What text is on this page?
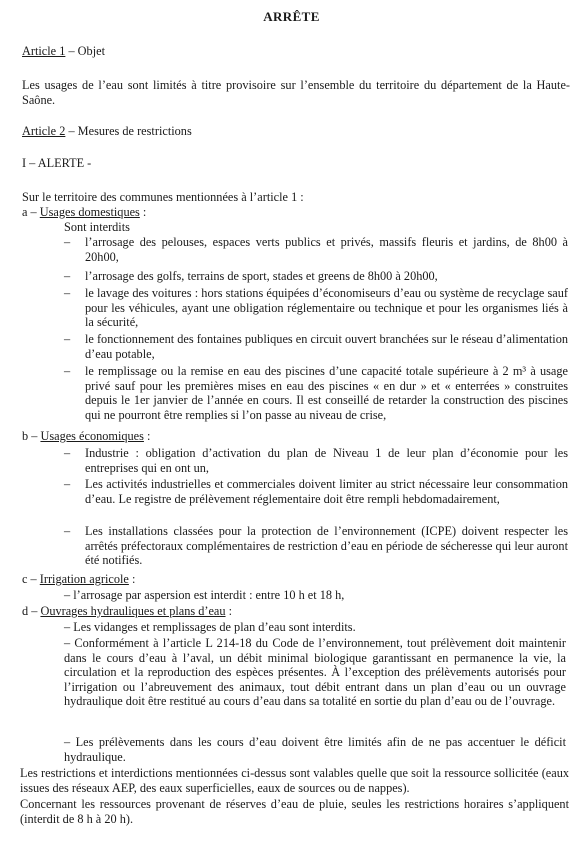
ARRÊTE
Article 1 – Objet
Les usages de l’eau sont limités à titre provisoire sur l’ensemble du territoire du département de la Haute-Saône.
Article 2 – Mesures de restrictions
I – ALERTE -
Sur le territoire des communes mentionnées à l’article 1 :
a – Usages domestiques :
Sont interdits
– l’arrosage des pelouses, espaces verts publics et privés, massifs fleuris et jardins, de 8h00 à 20h00,
– l’arrosage des golfs, terrains de sport, stades et greens de 8h00 à 20h00,
– le lavage des voitures : hors stations équipées d’économiseurs d’eau ou système de recyclage sauf pour les véhicules, ayant une obligation réglementaire ou technique et pour les organismes liés à la sécurité,
– le fonctionnement des fontaines publiques en circuit ouvert branchées sur le réseau d’alimentation d’eau potable,
– le remplissage ou la remise en eau des piscines d’une capacité totale supérieure à 2 m³ à usage privé sauf pour les premières mises en eau des piscines « en dur » et « enterrées » construites depuis le 1er janvier de l’année en cours. Il est conseillé de retarder la construction des piscines qui ne pourront être remplies si l’on passe au niveau de crise,
b – Usages économiques :
– Industrie : obligation d’activation du plan de Niveau 1 de leur plan d’économie pour les entreprises qui en ont un,
– Les activités industrielles et commerciales doivent limiter au strict nécessaire leur consommation d’eau. Le registre de prélèvement réglementaire doit être rempli hebdomadairement,
– Les installations classées pour la protection de l’environnement (ICPE) doivent respecter les arrêtés préfectoraux complémentaires de restriction d’eau en période de sécheresse qui leur auront été notifiés.
c – Irrigation agricole :
– l’arrosage par aspersion est interdit : entre 10 h et 18 h,
d – Ouvrages hydrauliques et plans d’eau :
– Les vidanges et remplissages de plan d’eau sont interdits.
– Conformément à l’article L 214-18 du Code de l’environnement, tout prélèvement doit maintenir dans le cours d’eau à l’aval, un débit minimal biologique garantissant en permanence la vie, la circulation et la reproduction des espèces présentes. À l’exception des prélèvements autorisés pour l’irrigation ou l’abreuvement des animaux, tout débit entrant dans un plan d’eau ou un ouvrage hydraulique doit être restitué au cours d’eau dans sa totalité en sortie du plan d’eau ou de l’ouvrage.
– Les prélèvements dans les cours d’eau doivent être limités afin de ne pas accentuer le déficit hydraulique.
Les restrictions et interdictions mentionnées ci-dessus sont valables quelle que soit la ressource sollicitée (eaux issues des réseaux AEP, des eaux superficielles, eaux de sources ou de nappes).
Concernant les ressources provenant de réserves d’eau de pluie, seules les restrictions horaires s’appliquent (interdit de 8 h à 20 h).
